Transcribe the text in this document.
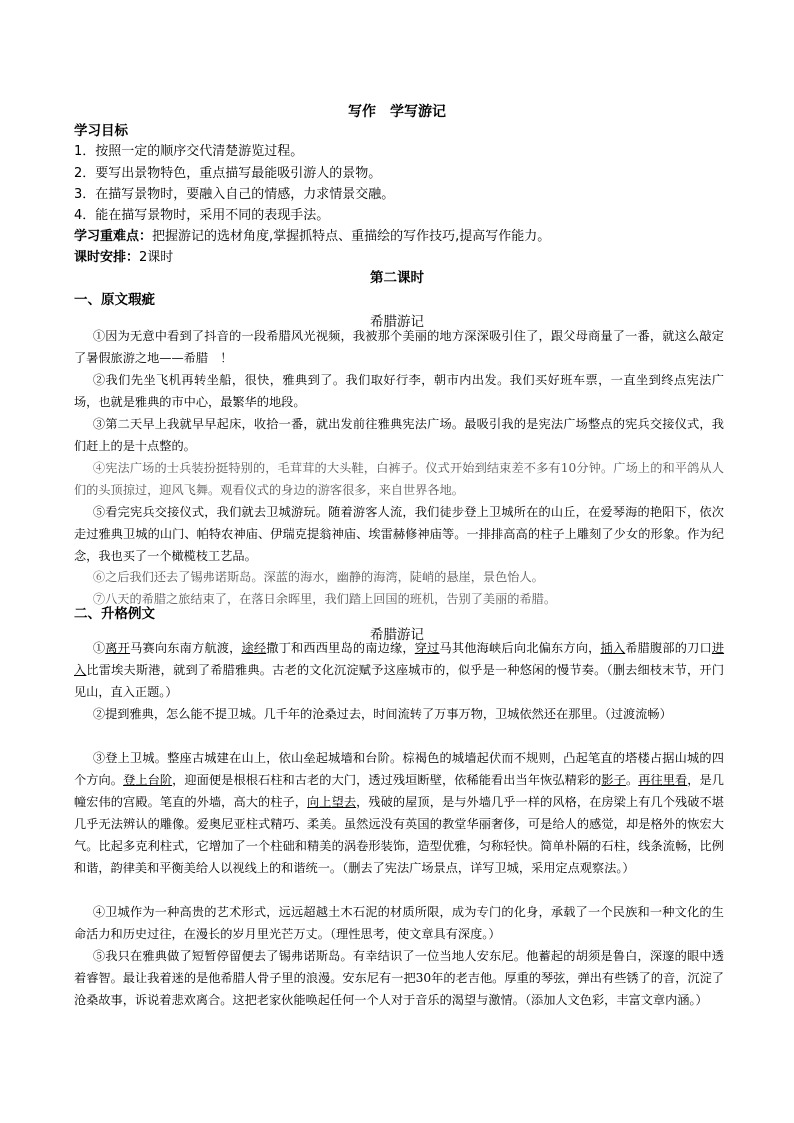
写作　学写游记
学习目标
1．按照一定的顺序交代清楚游览过程。
2．要写出景物特色，重点描写最能吸引游人的景物。
3．在描写景物时，要融入自己的情感，力求情景交融。
4．能在描写景物时，采用不同的表现手法。
学习重难点：把握游记的选材角度,掌握抓特点、重描绘的写作技巧,提高写作能力。
课时安排：2课时
第二课时
一、原文瑕疵
希腊游记
①因为无意中看到了抖音的一段希腊风光视频，我被那个美丽的地方深深吸引住了，跟父母商量了一番，就这么敲定了暑假旅游之地——希腊　！
②我们先坐飞机再转坐船，很快，雅典到了。我们取好行李，朝市内出发。我们买好班车票，一直坐到终点宪法广场，也就是雅典的市中心，最繁华的地段。
③第二天早上我就早早起床，收拾一番，就出发前往雅典宪法广场。最吸引我的是宪法广场整点的宪兵交接仪式，我们赶上的是十点整的。
④宪法广场的士兵装扮挺特别的，毛茸茸的大头鞋，白裤子。仪式开始到结束差不多有10分钟。广场上的和平鸽从人们的头顶掠过，迎风飞舞。观看仪式的身边的游客很多，来自世界各地。
⑤看完宪兵交接仪式，我们就去卫城游玩。随着游客人流，我们徒步登上卫城所在的山丘，在爱琴海的艳阳下，依次走过雅典卫城的山门、帕特农神庙、伊瑞克提翁神庙、埃雷赫修神庙等。一排排高高的柱子上雕刻了少女的形象。作为纪念，我也买了一个橄榄枝工艺品。
⑥之后我们还去了锡弗诺斯岛。深蓝的海水，幽静的海湾，陡峭的悬崖，景色怡人。
⑦八天的希腊之旅结束了，在落日余晖里，我们踏上回国的班机，告别了美丽的希腊。
二、升格例文
希腊游记
①离开马赛向东南方航渡，途经撒丁和西西里岛的南边缘，穿过马其他海峡后向北偏东方向，插入希腊腹部的刀口进入比雷埃夫斯港，就到了希腊雅典。古老的文化沉淀赋予这座城市的，似乎是一种悠闲的慢节奏。（删去细枝末节，开门见山，直入正题。）
②提到雅典，怎么能不提卫城。几千年的沧桑过去，时间流转了万事万物，卫城依然还在那里。（过渡流畅）
③登上卫城。整座古城建在山上，依山垒起城墙和台阶。棕褐色的城墙起伏而不规则，凸起笔直的塔楼占据山城的四个方向。登上台阶，迎面便是根根石柱和古老的大门，透过残垣断壁，依稀能看出当年恢弘精彩的影子。再往里看，是几幢宏伟的宫殿。笔直的外墙，高大的柱子，向上望去，残破的屋顶，是与外墙几乎一样的风格，在房梁上有几个残破不堪几乎无法辨认的雕像。爱奥尼亚柱式精巧、柔美。虽然远没有英国的教堂华丽奢侈，可是给人的感觉，却是格外的恢宏大气。比起多克利柱式，它增加了一个柱础和精美的涡卷形装饰，造型优雅，匀称轻快。简单朴隔的石柱，线条流畅，比例和谐，韵律美和平衡美给人以视线上的和谐统一。（删去了宪法广场景点，详写卫城，采用定点观察法。）
④卫城作为一种高贵的艺术形式，远远超越土木石泥的材质所限，成为专门的化身，承载了一个民族和一种文化的生命活力和历史过往，在漫长的岁月里光芒万丈。（理性思考，使文章具有深度。）
⑤我只在雅典做了短暂停留便去了锡弗诺斯岛。有幸结识了一位当地人安东尼。他蓄起的胡须是鲁白，深邃的眼中透着睿智。最让我着迷的是他希腊人骨子里的浪漫。安东尼有一把30年的老吉他。厚重的琴弦，弹出有些锈了的音，沉淀了沧桑故事，诉说着悲欢离合。这把老家伙能唤起任何一个人对于音乐的渴望与激情。（添加人文色彩，丰富文章内涵。）
